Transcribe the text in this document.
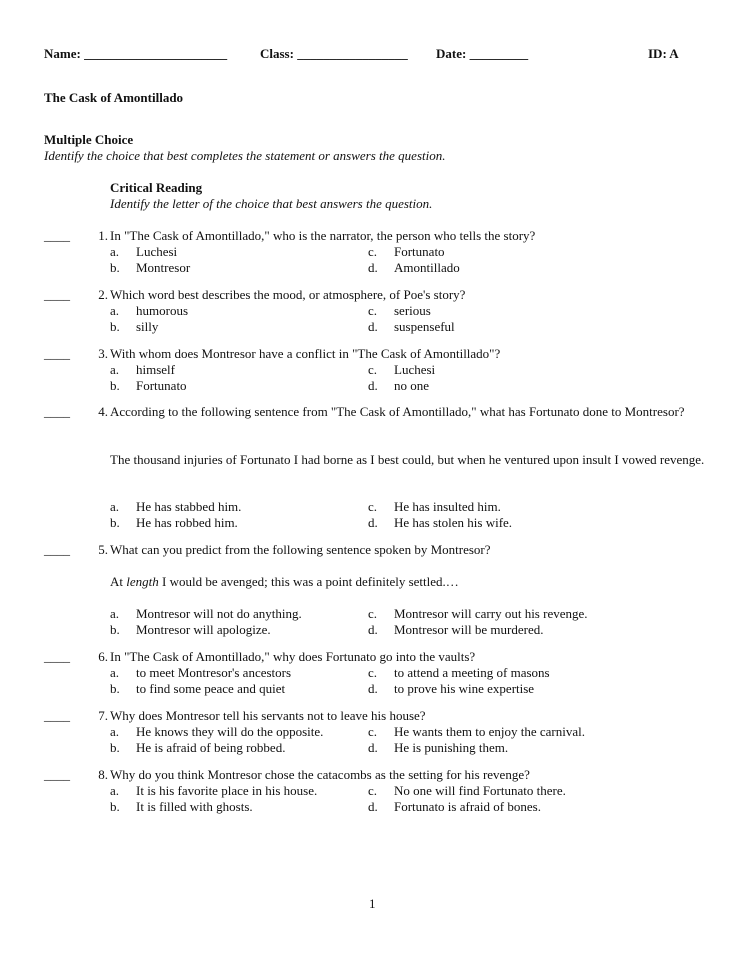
Name: ______________________	Class: _________________ Date: _________	ID: A
The Cask of Amontillado
Multiple Choice
Identify the choice that best completes the statement or answers the question.
Critical Reading
Identify the letter of the choice that best answers the question.
____	1. In "The Cask of Amontillado," who is the narrator, the person who tells the story?
a. Luchesi
b. Montresor
c. Fortunato
d. Amontillado
____	2. Which word best describes the mood, or atmosphere, of Poe's story?
a. humorous
b. silly
c. serious
d. suspenseful
____	3. With whom does Montresor have a conflict in "The Cask of Amontillado"?
a. himself
b. Fortunato
c. Luchesi
d. no one
____	4. According to the following sentence from "The Cask of Amontillado," what has Fortunato done to Montresor?
The thousand injuries of Fortunato I had borne as I best could, but when he ventured upon insult I vowed revenge.
a. He has stabbed him.
b. He has robbed him.
c. He has insulted him.
d. He has stolen his wife.
____	5. What can you predict from the following sentence spoken by Montresor?
At length I would be avenged; this was a point definitely settled.…
a. Montresor will not do anything.
b. Montresor will apologize.
c. Montresor will carry out his revenge.
d. Montresor will be murdered.
____	6. In "The Cask of Amontillado," why does Fortunato go into the vaults?
a. to meet Montresor's ancestors
b. to find some peace and quiet
c. to attend a meeting of masons
d. to prove his wine expertise
____	7. Why does Montresor tell his servants not to leave his house?
a. He knows they will do the opposite.
b. He is afraid of being robbed.
c. He wants them to enjoy the carnival.
d. He is punishing them.
____	8. Why do you think Montresor chose the catacombs as the setting for his revenge?
a. It is his favorite place in his house.
b. It is filled with ghosts.
c. No one will find Fortunato there.
d. Fortunato is afraid of bones.
1
